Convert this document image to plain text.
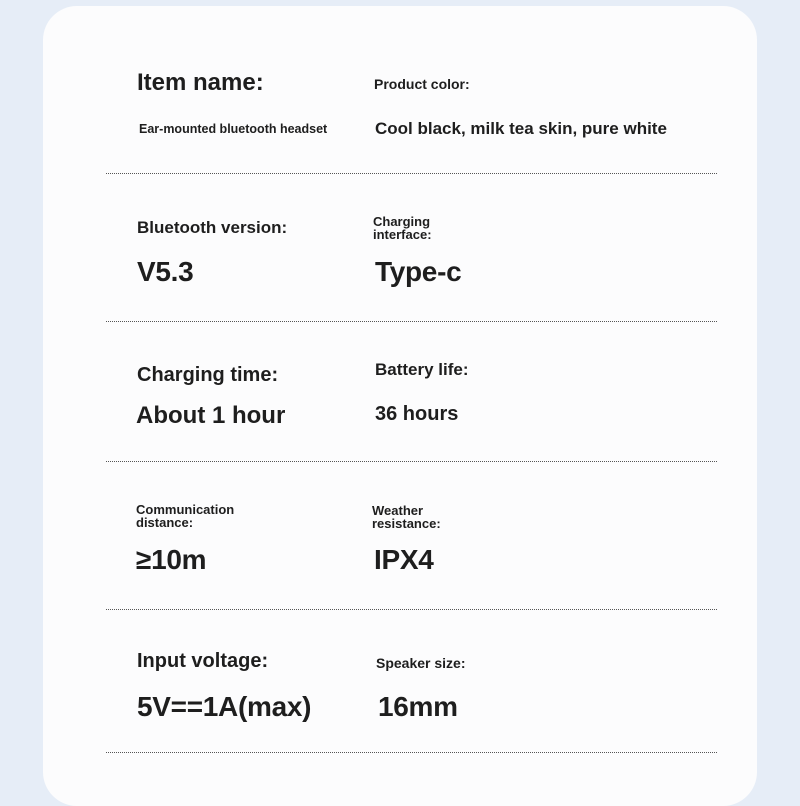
Item name:
Ear-mounted bluetooth headset
Product color:
Cool black, milk tea skin, pure white
Bluetooth version:
V5.3
Charging interface:
Type-c
Charging time:
About 1 hour
Battery life:
36 hours
Communication distance:
≥10m
Weather resistance:
IPX4
Input voltage:
5V==1A(max)
Speaker size:
16mm
